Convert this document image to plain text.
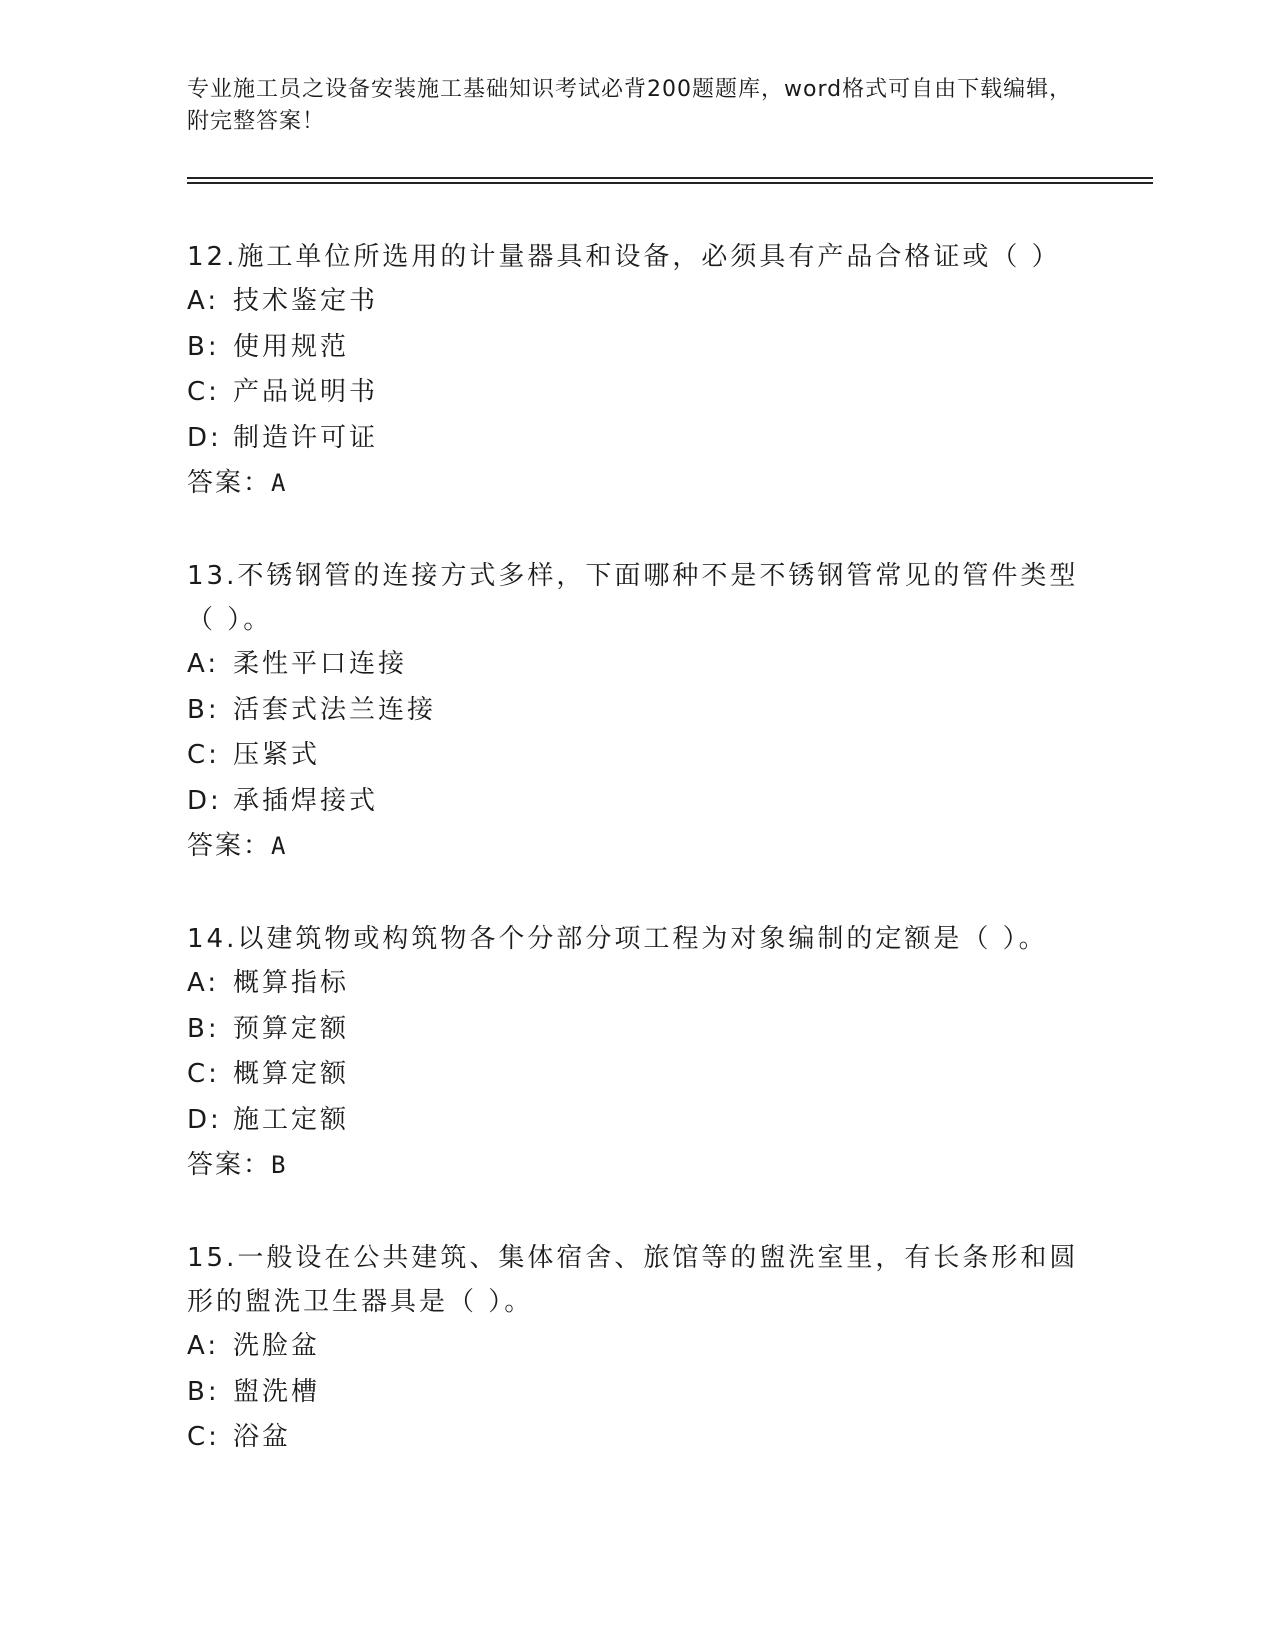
专业施工员之设备安装施工基础知识考试必背200题题库，word格式可自由下载编辑，附完整答案！

12.施工单位所选用的计量器具和设备，必须具有产品合格证或（ ）

A: 技术鉴定书
B: 使用规范
C: 产品说明书
D: 制造许可证
答案：A

13.不锈钢管的连接方式多样，下面哪种不是不锈钢管常见的管件类型（ ）。

A: 柔性平口连接
B: 活套式法兰连接
C: 压紧式
D: 承插焊接式
答案：A

14.以建筑物或构筑物各个分部分项工程为对象编制的定额是（ ）。

A: 概算指标
B: 预算定额
C: 概算定额
D: 施工定额
答案：B

15.一般设在公共建筑、集体宿舍、旅馆等的盥洗室里，有长条形和圆形的盥洗卫生器具是（ ）。

A: 洗脸盆
B: 盥洗槽
C: 浴盆
